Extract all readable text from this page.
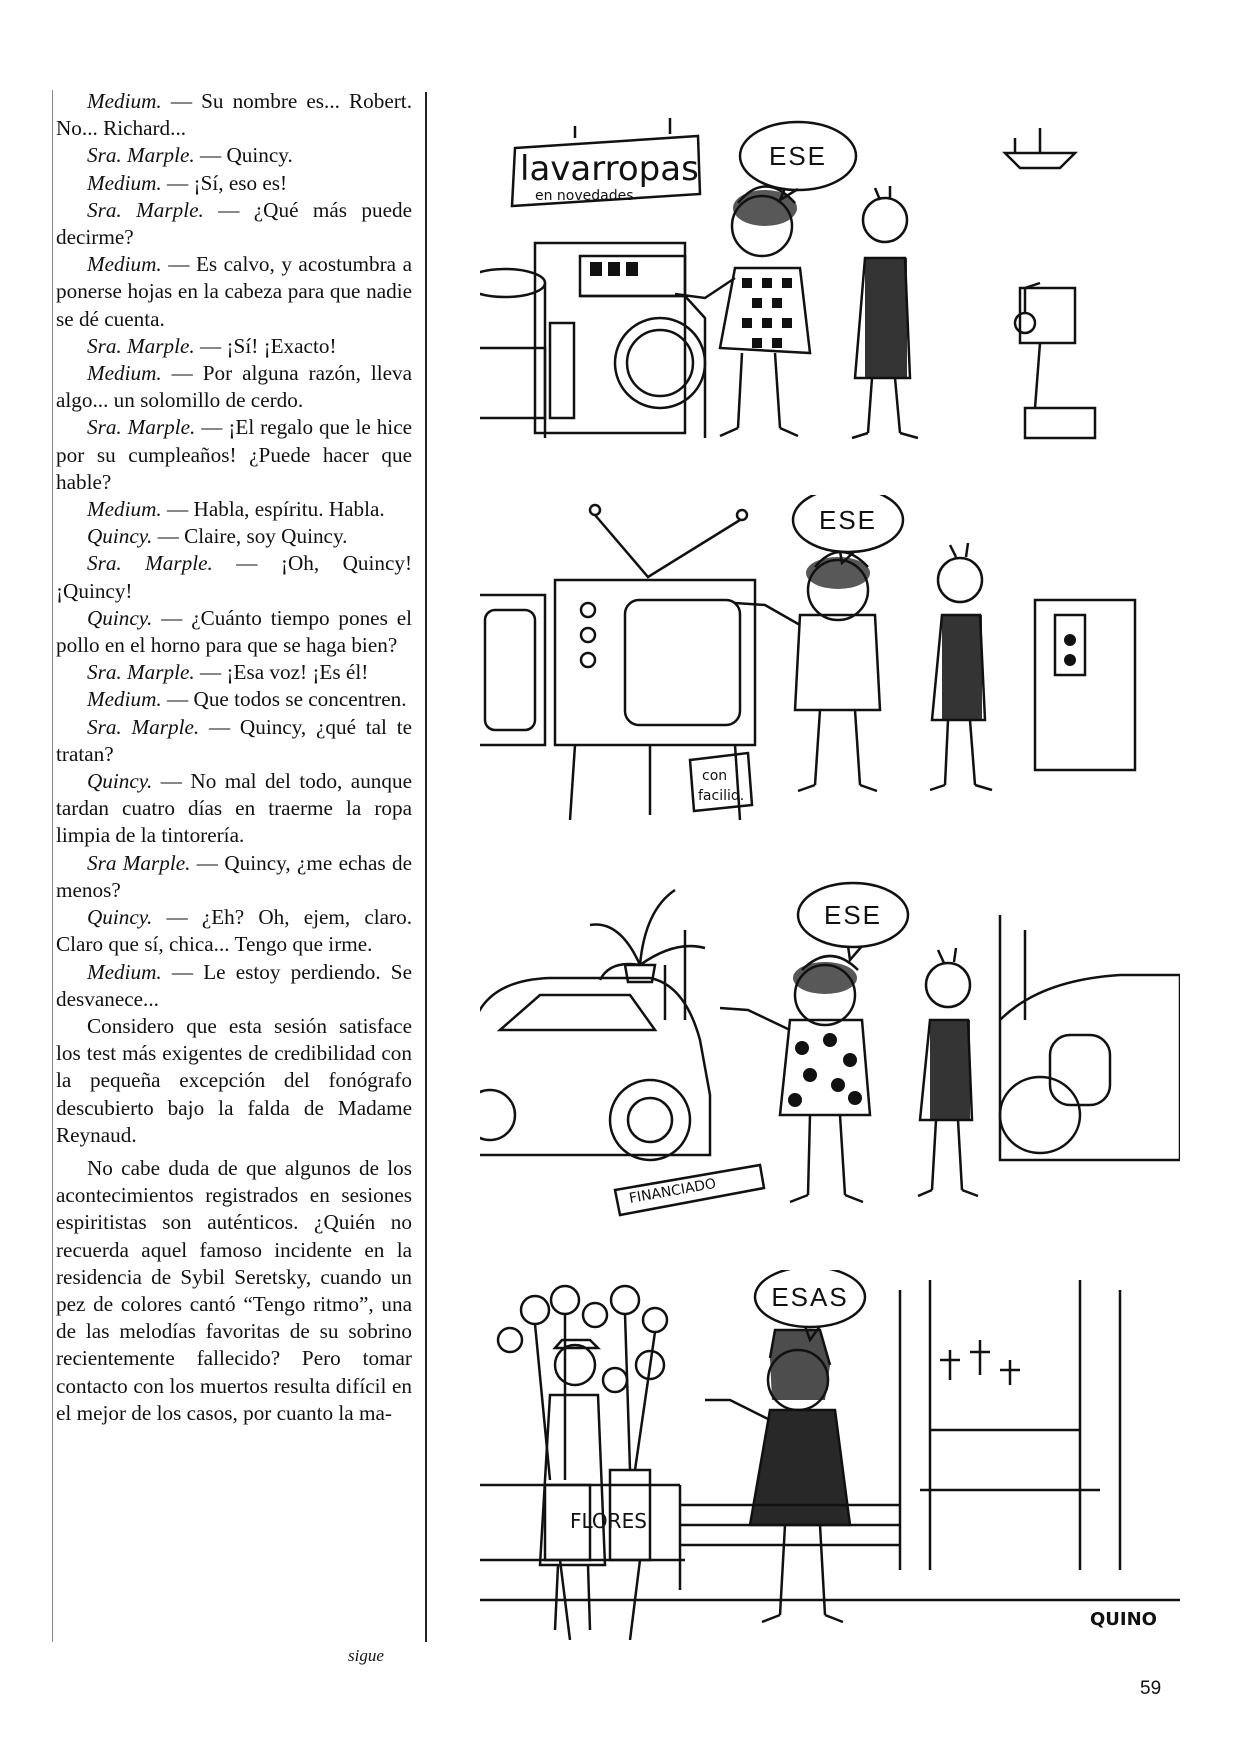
Medium. — Su nombre es... Robert. No... Richard...

Sra. Marple. — Quincy.

Medium. — ¡Sí, eso es!

Sra. Marple. — ¿Qué más puede decirme?

Medium. — Es calvo, y acostumbra a ponerse hojas en la cabeza para que nadie se dé cuenta.

Sra. Marple. — ¡Sí! ¡Exacto!

Medium. — Por alguna razón, lleva algo... un solomillo de cerdo.

Sra. Marple. — ¡El regalo que le hice por su cumpleaños! ¿Puede hacer que hable?

Medium. — Habla, espíritu. Habla.

Quincy. — Claire, soy Quincy.

Sra. Marple. — ¡Oh, Quincy! ¡Quincy!

Quincy. — ¿Cuánto tiempo pones el pollo en el horno para que se haga bien?

Sra. Marple. — ¡Esa voz! ¡Es él!

Medium. — Que todos se concentren.

Sra. Marple. — Quincy, ¿qué tal te tratan?

Quincy. — No mal del todo, aunque tardan cuatro días en traerme la ropa limpia de la tintorería.

Sra Marple. — Quincy, ¿me echas de menos?

Quincy. — ¿Eh? Oh, ejem, claro. Claro que sí, chica... Tengo que irme.

Medium. — Le estoy perdiendo. Se desvanece...

Considero que esta sesión satisface los test más exigentes de credibilidad con la pequeña excepción del fonógrafo descubierto bajo la falda de Madame Reynaud.

No cabe duda de que algunos de los acontecimientos registrados en sesiones espiritistas son auténticos. ¿Quién no recuerda aquel famoso incidente en la residencia de Sybil Seretsky, cuando un pez de colores cantó “Tengo ritmo”, una de las melodías favoritas de su sobrino recientemente fallecido? Pero tomar contacto con los muertos resulta difícil en el mejor de los casos, por cuanto la ma-

sigue
59
lavarropas
en novedades
ESE
con
facilid.
ESE
FINANCIADO
ESE
FLORES
ESAS
QUINO
